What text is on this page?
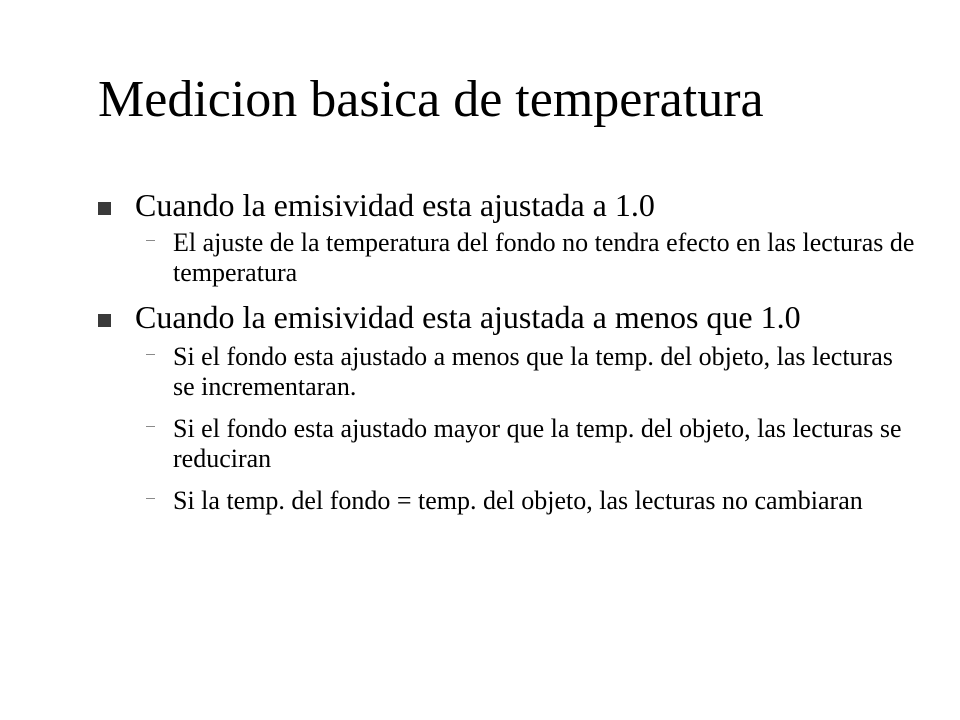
Medicion basica de temperatura
Cuando la emisividad esta ajustada a 1.0
El ajuste de la temperatura del fondo no tendra efecto en las lecturas de temperatura
Cuando la emisividad esta ajustada a menos que 1.0
Si el fondo esta ajustado a menos que la temp. del objeto, las lecturas se incrementaran.
Si el fondo esta ajustado mayor que la temp. del objeto, las lecturas se reduciran
Si la temp. del fondo = temp. del objeto, las lecturas no cambiaran
